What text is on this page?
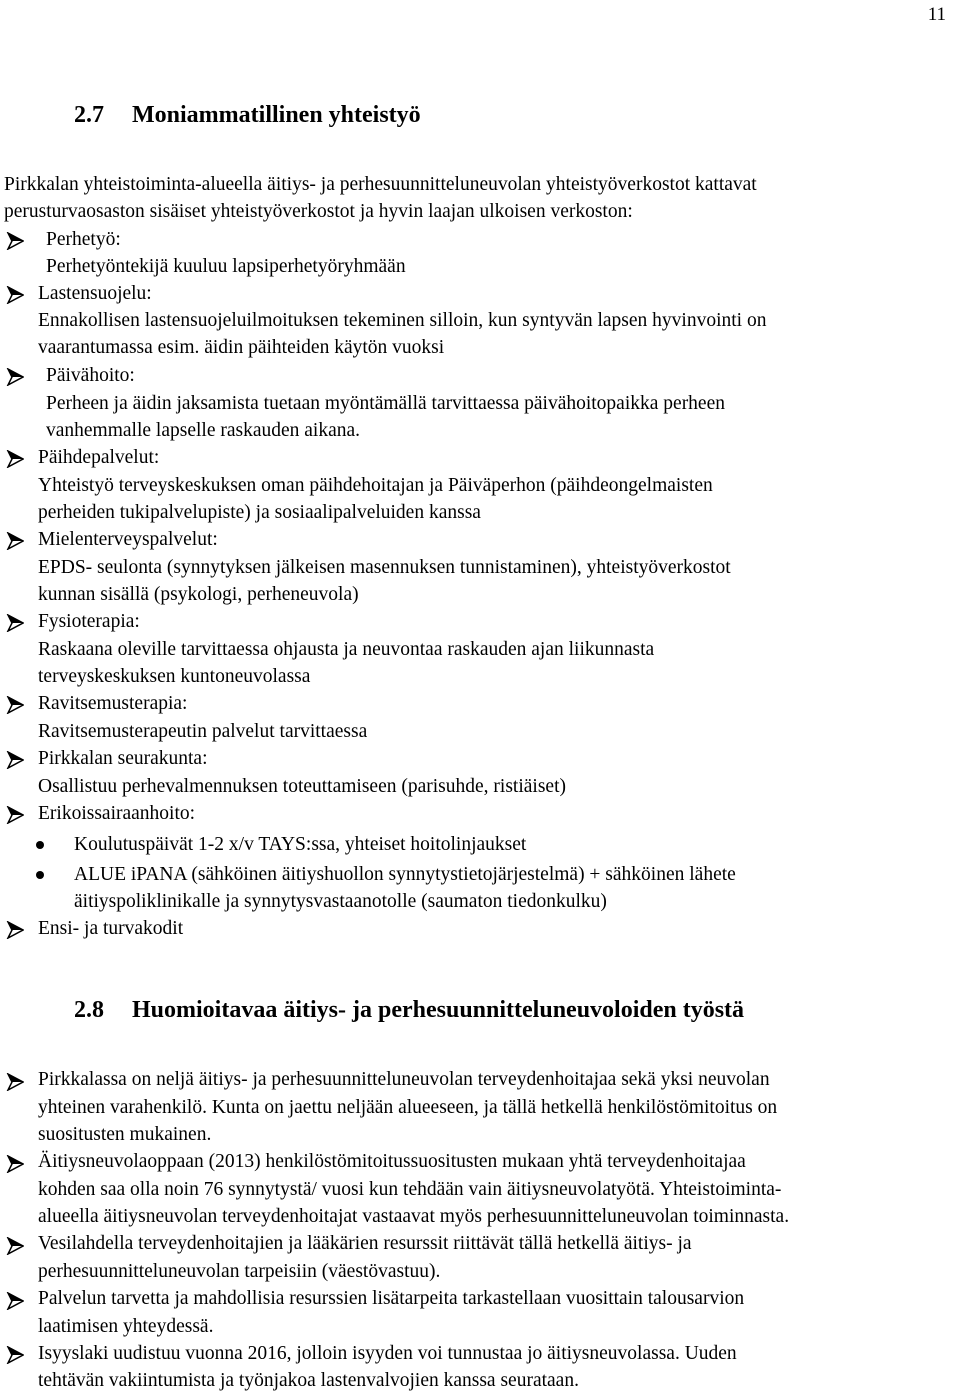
11
2.7 Moniammatillinen yhteistyö
Pirkkalan yhteistoiminta-alueella äitiys- ja perhesuunnitteluneuvolan yhteistyöverkostot kattavat
perusturvaosaston sisäiset yhteistyöverkostot ja hyvin laajan ulkoisen verkoston:
Perhetyö:
Perhetyöntekijä kuuluu lapsiperhetyöryhmään
Lastensuojelu:
Ennakollisen lastensuojeluilmoituksen tekeminen silloin, kun syntyvän lapsen hyvinvointi on
vaarantumassa esim. äidin päihteiden käytön vuoksi
Päivähoito:
Perheen ja äidin jaksamista tuetaan myöntämällä tarvittaessa päivähoitopaikka perheen
vanhemmalle lapselle raskauden aikana.
Päihdepalvelut:
Yhteistyö terveyskeskuksen oman päihdehoitajan ja Päiväperhon (päihdeongelmaisten
perheiden tukipalvelupiste) ja sosiaalipalveluiden kanssa
Mielenterveyspalvelut:
EPDS- seulonta (synnytyksen jälkeisen masennuksen tunnistaminen), yhteistyöverkostot
kunnan sisällä (psykologi, perheneuvola)
Fysioterapia:
Raskaana oleville tarvittaessa ohjausta ja neuvontaa raskauden ajan liikunnasta
terveyskeskuksen kuntoneuvolassa
Ravitsemusterapia:
Ravitsemusterapeutin palvelut tarvittaessa
Pirkkalan seurakunta:
Osallistuu perhevalmennuksen toteuttamiseen (parisuhde, ristiäiset)
Erikoissairaanhoito:
Koulutuspäivät 1-2 x/v TAYS:ssa, yhteiset hoitolinjaukset
ALUE iPANA (sähköinen äitiyshuollon synnytystietojärjestelmä) + sähköinen lähete
äitiyspoliklinikalle ja synnytysvastaanotolle (saumaton tiedonkulku)
Ensi- ja turvakodit
2.8 Huomioitavaa äitiys- ja perhesuunnitteluneuvoloiden työstä
Pirkkalassa on neljä äitiys- ja perhesuunnitteluneuvolan terveydenhoitajaa sekä yksi neuvolan
yhteinen varahenkilö. Kunta on jaettu neljään alueeseen, ja tällä hetkellä henkilöstömitoitus on
suositusten mukainen.
Äitiysneuvolaoppaan (2013) henkilöstömitoitussuositusten mukaan yhtä terveydenhoitajaa
kohden saa olla noin 76 synnytystä/ vuosi kun tehdään vain äitiysneuvolatyötä. Yhteistoiminta-
alueella äitiysneuvolan terveydenhoitajat vastaavat myös perhesuunnitteluneuvolan toiminnasta.
Vesilahdella terveydenhoitajien ja lääkärien resurssit riittävät tällä hetkellä äitiys- ja
perhesuunnitteluneuvolan tarpeisiin (väestövastuu).
Palvelun tarvetta ja mahdollisia resurssien lisätarpeita tarkastellaan vuosittain talousarvion
laatimisen yhteydessä.
Isyyslaki uudistuu vuonna 2016, jolloin isyyden voi tunnustaa jo äitiysneuvolassa. Uuden
tehtävän vakiintumista ja työnjakoa lastenvalvojien kanssa seurataan.
